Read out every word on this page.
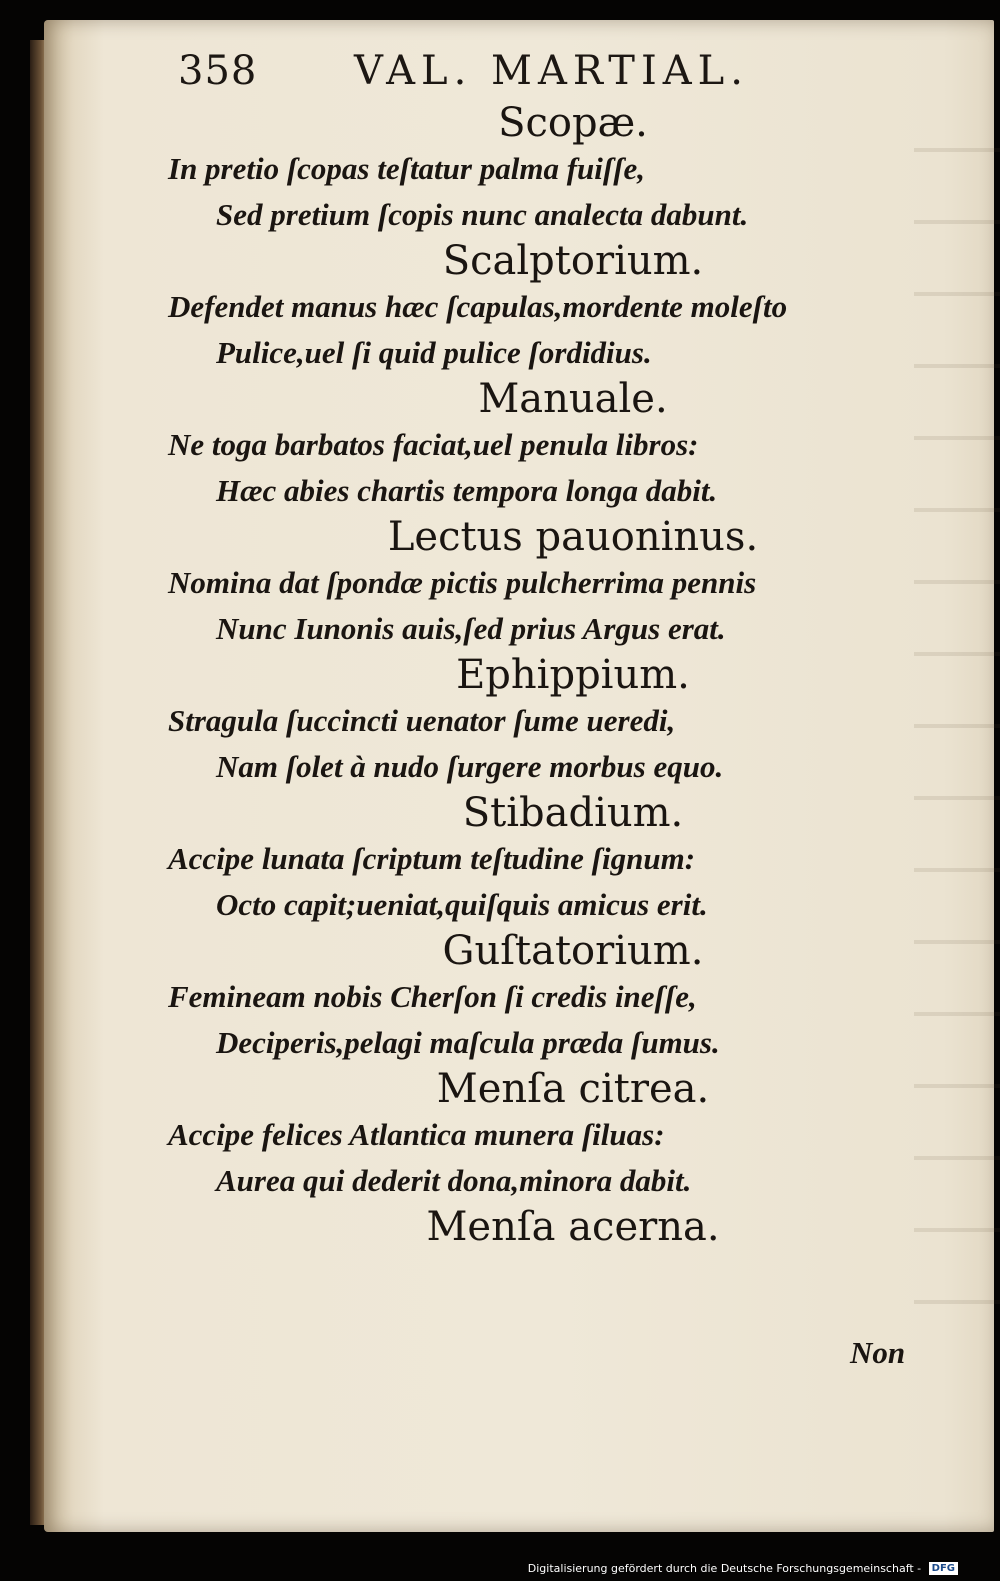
358 VAL. MARTIAL.
Scopæ.
In pretio ſcopas teſtatur palma fuiſſe,
Sed pretium ſcopis nunc analecta dabunt.
Scalptorium.
Defendet manus hæc ſcapulas,mordente moleſto
Pulice,uel ſi quid pulice ſordidius.
Manuale.
Ne toga barbatos faciat,uel penula libros:
Hæc abies chartis tempora longa dabit.
Lectus pauoninus.
Nomina dat ſpondæ pictis pulcherrima pennis
Nunc Iunonis auis,ſed prius Argus erat.
Ephippium.
Stragula ſuccincti uenator ſume ueredi,
Nam ſolet à nudo ſurgere morbus equo.
Stibadium.
Accipe lunata ſcriptum teſtudine ſignum:
Octo capit;ueniat,quiſquis amicus erit.
Guſtatorium.
Femineam nobis Cherſon ſi credis ineſſe,
Deciperis,pelagi maſcula præda ſumus.
Menſa citrea.
Accipe felices Atlantica munera ſiluas:
Aurea qui dederit dona,minora dabit.
Menſa acerna.
Non
Digitalisierung gefördert durch die Deutsche Forschungsgemeinschaft - DFG
